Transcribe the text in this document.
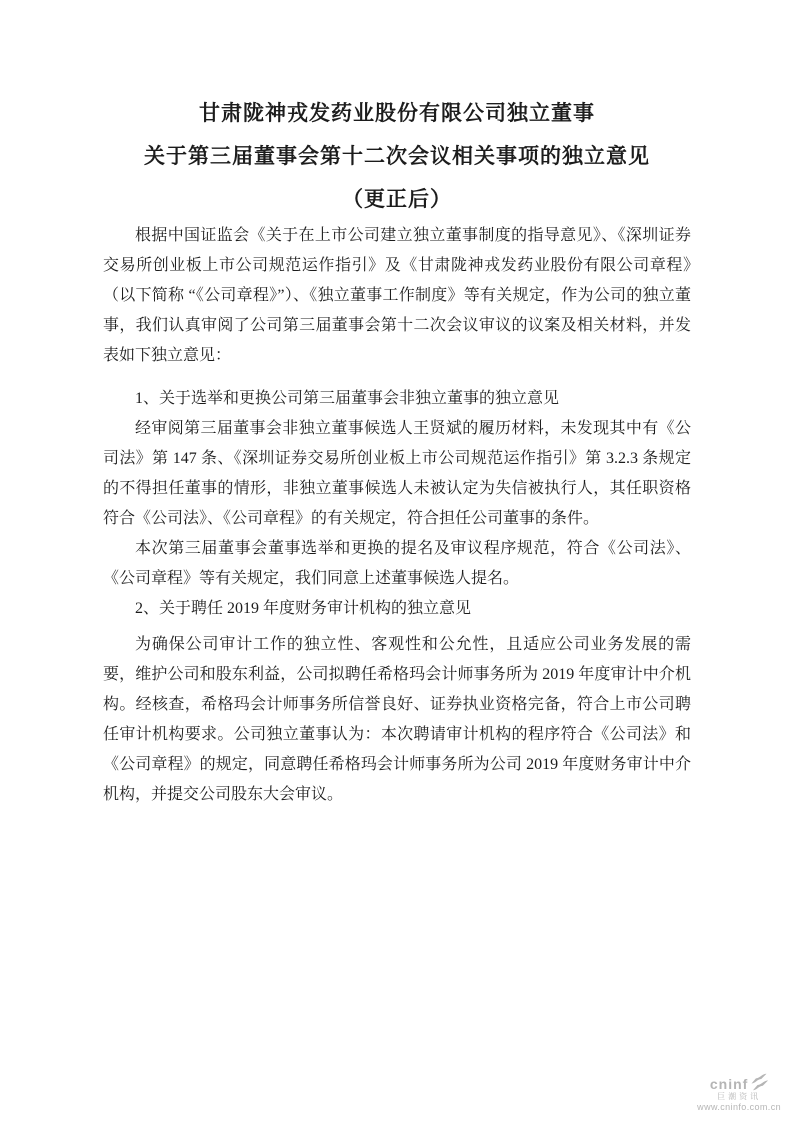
甘肃陇神戎发药业股份有限公司独立董事
关于第三届董事会第十二次会议相关事项的独立意见
（更正后）

根据中国证监会《关于在上市公司建立独立董事制度的指导意见》、《深圳证券交易所创业板上市公司规范运作指引》及《甘肃陇神戎发药业股份有限公司章程》　（以下简称 “《公司章程》”）、《独立董事工作制度》等有关规定，作为公司的独立董事，我们认真审阅了公司第三届董事会第十二次会议审议的议案及相关材料，并发表如下独立意见：

1、关于选举和更换公司第三届董事会非独立董事的独立意见

经审阅第三届董事会非独立董事候选人王贤斌的履历材料，未发现其中有《公司法》第 147 条、《深圳证券交易所创业板上市公司规范运作指引》第 3.2.3 条规定的不得担任董事的情形，非独立董事候选人未被认定为失信被执行人，其任职资格符合《公司法》、《公司章程》的有关规定，符合担任公司董事的条件。

本次第三届董事会董事选举和更换的提名及审议程序规范，符合《公司法》、《公司章程》等有关规定，我们同意上述董事候选人提名。

2、关于聘任 2019 年度财务审计机构的独立意见

为确保公司审计工作的独立性、客观性和公允性，且适应公司业务发展的需要，维护公司和股东利益，公司拟聘任希格玛会计师事务所为 2019 年度审计中介机构。经核查，希格玛会计师事务所信誉良好、证券执业资格完备，符合上市公司聘任审计机构要求。公司独立董事认为：本次聘请审计机构的程序符合《公司法》和《公司章程》的规定，同意聘任希格玛会计师事务所为公司 2019 年度财务审计中介机构，并提交公司股东大会审议。

cninf
巨潮资讯
www.cninfo.com.cn
